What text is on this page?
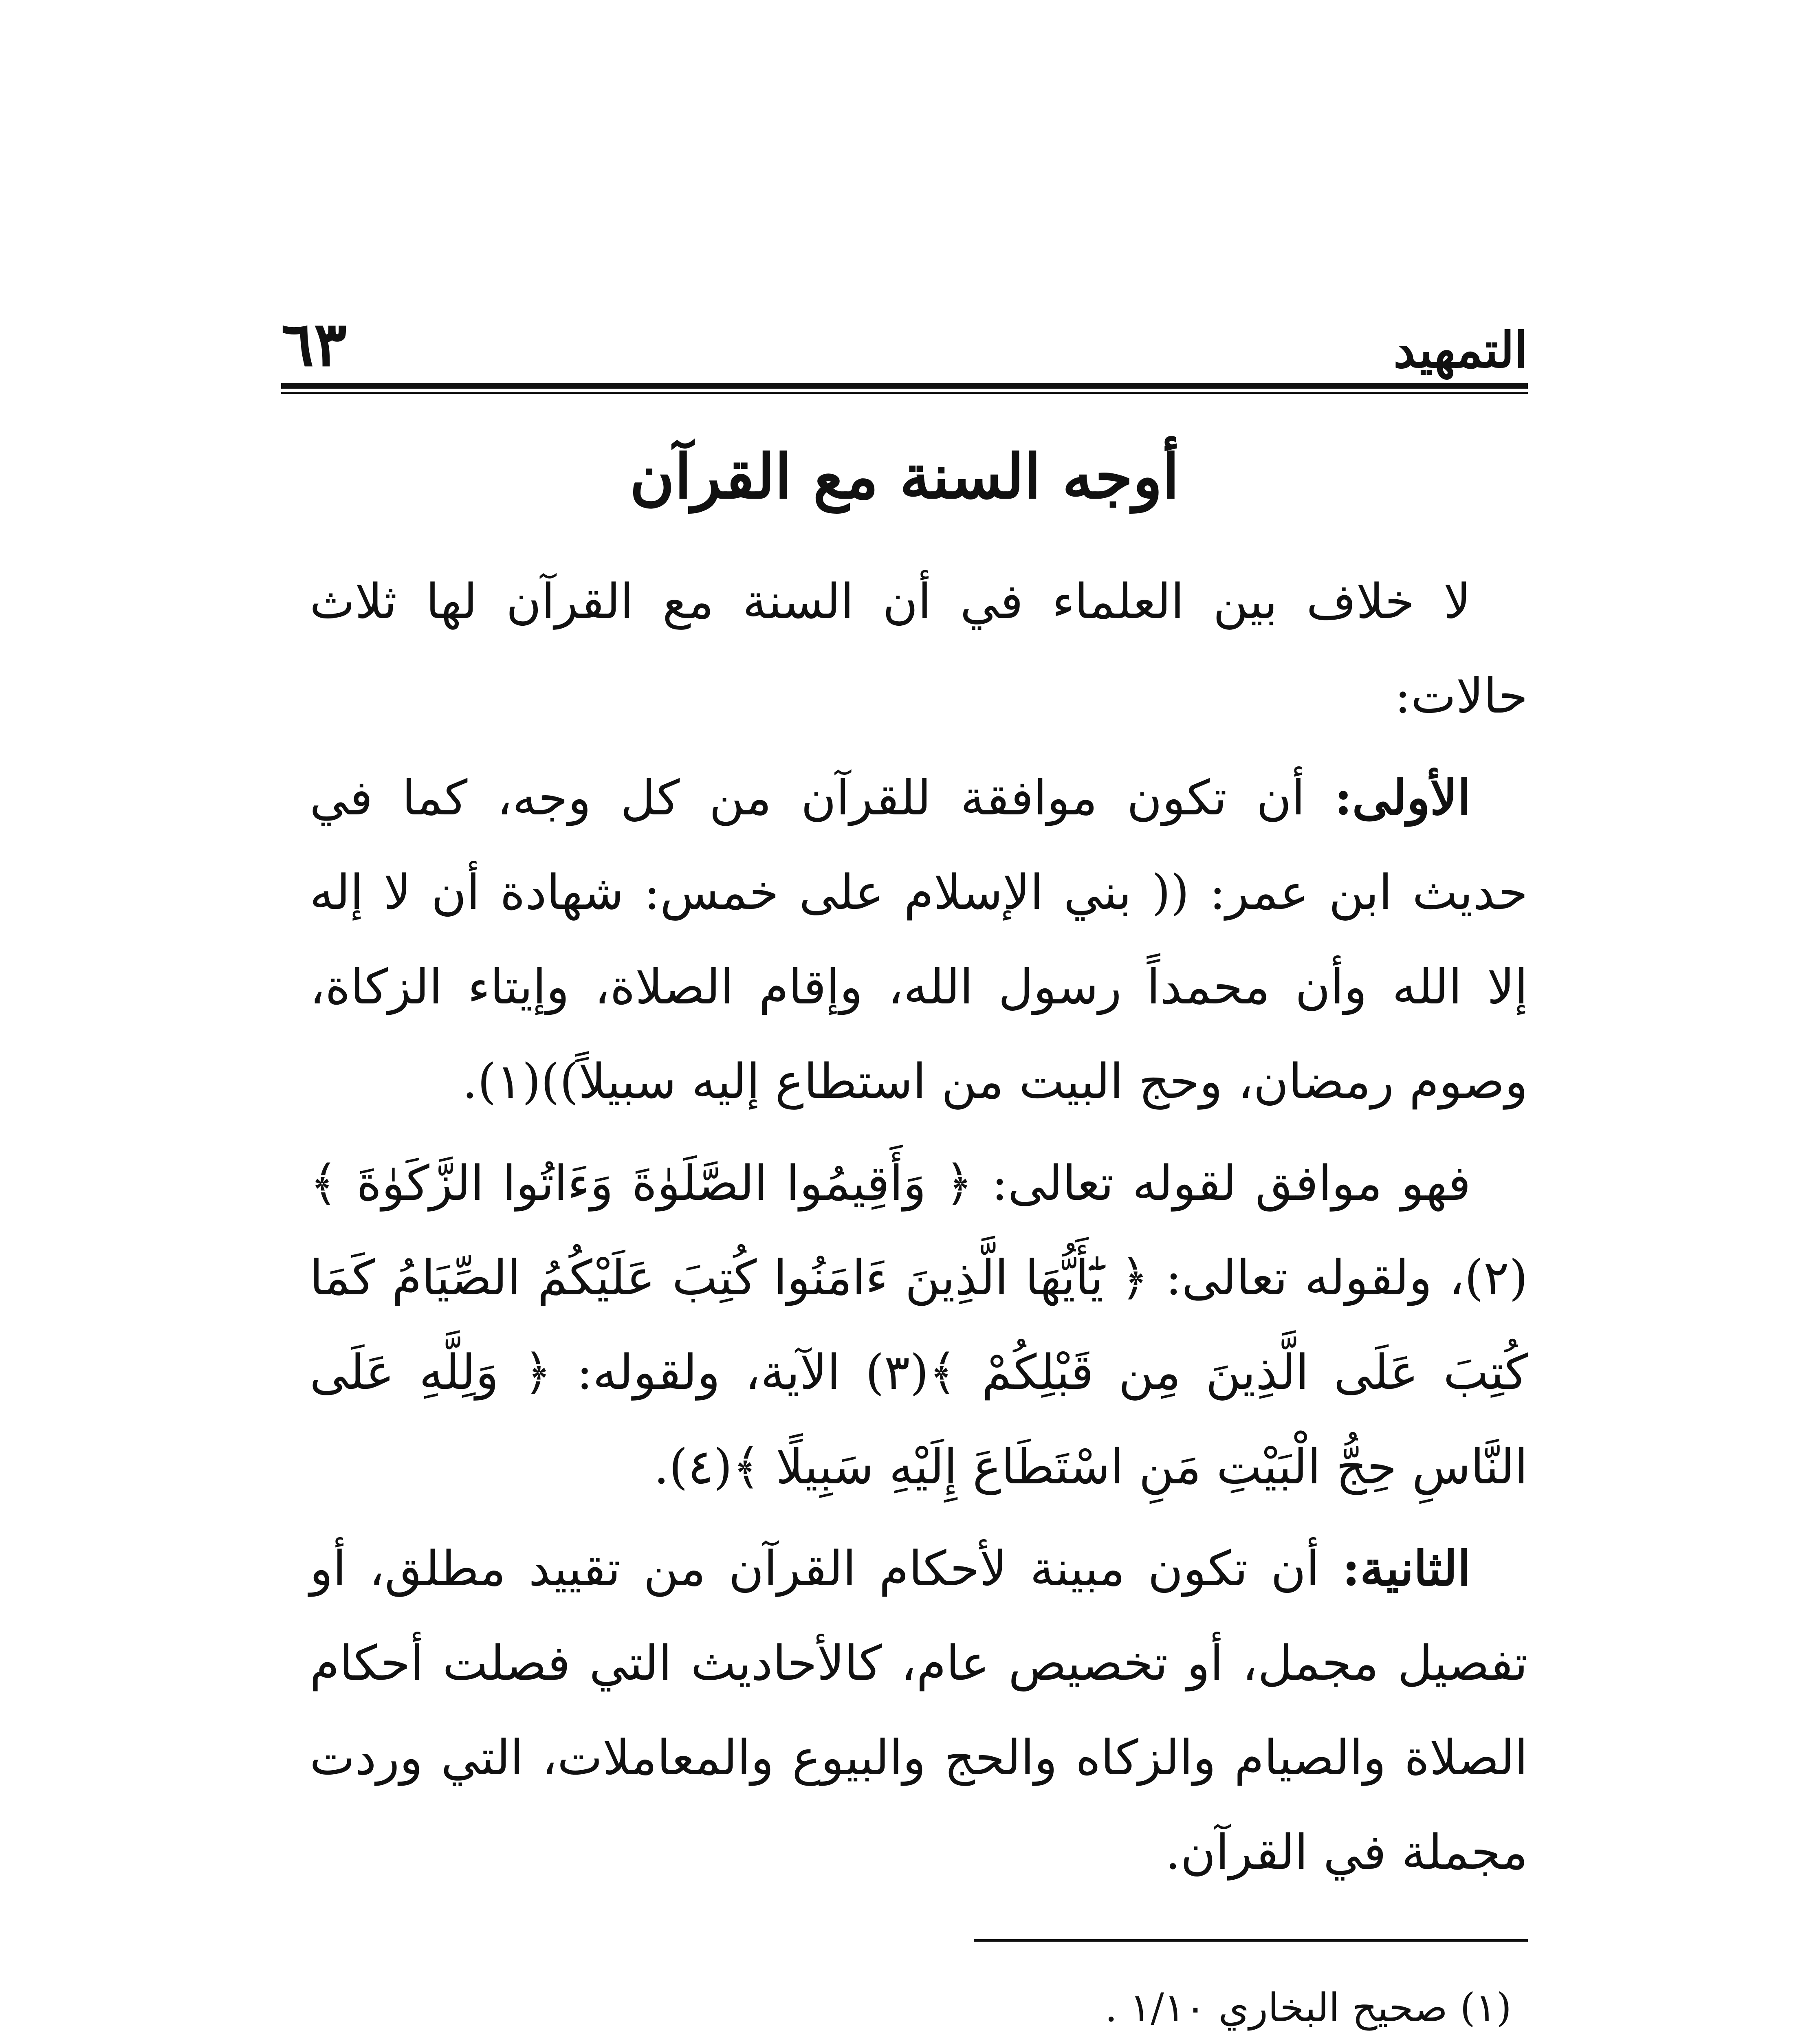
التمهيد
٦٣
أوجه السنة مع القرآن

لا خلاف بين العلماء في أن السنة مع القرآن لها ثلاث حالات:

الأولى: أن تكون موافقة للقرآن من كل وجه، كما في حديث ابن عمر: (( بني الإسلام على خمس: شهادة أن لا إله إلا الله وأن محمداً رسول الله، وإقام الصلاة، وإيتاء الزكاة، وصوم رمضان، وحج البيت من استطاع إليه سبيلاً))(١).

فهو موافق لقوله تعالى: ﴿ وَأَقِيمُوا الصَّلَوٰةَ وَءَاتُوا الزَّكَوٰةَ ﴾(٢)، ولقوله تعالى: ﴿ يَٰٓأَيُّهَا الَّذِينَ ءَامَنُوا كُتِبَ عَلَيْكُمُ الصِّيَامُ كَمَا كُتِبَ عَلَى الَّذِينَ مِن قَبْلِكُمْ ﴾(٣) الآية، ولقوله: ﴿ وَلِلَّهِ عَلَى النَّاسِ حِجُّ الْبَيْتِ مَنِ اسْتَطَاعَ إِلَيْهِ سَبِيلًا ﴾(٤).

الثانية: أن تكون مبينة لأحكام القرآن من تقييد مطلق، أو تفصيل مجمل، أو تخصيص عام، كالأحاديث التي فصلت أحكام الصلاة والصيام والزكاه والحج والبيوع والمعاملات، التي وردت مجملة في القرآن.

(١) صحيح البخاري ١/١٠ .
